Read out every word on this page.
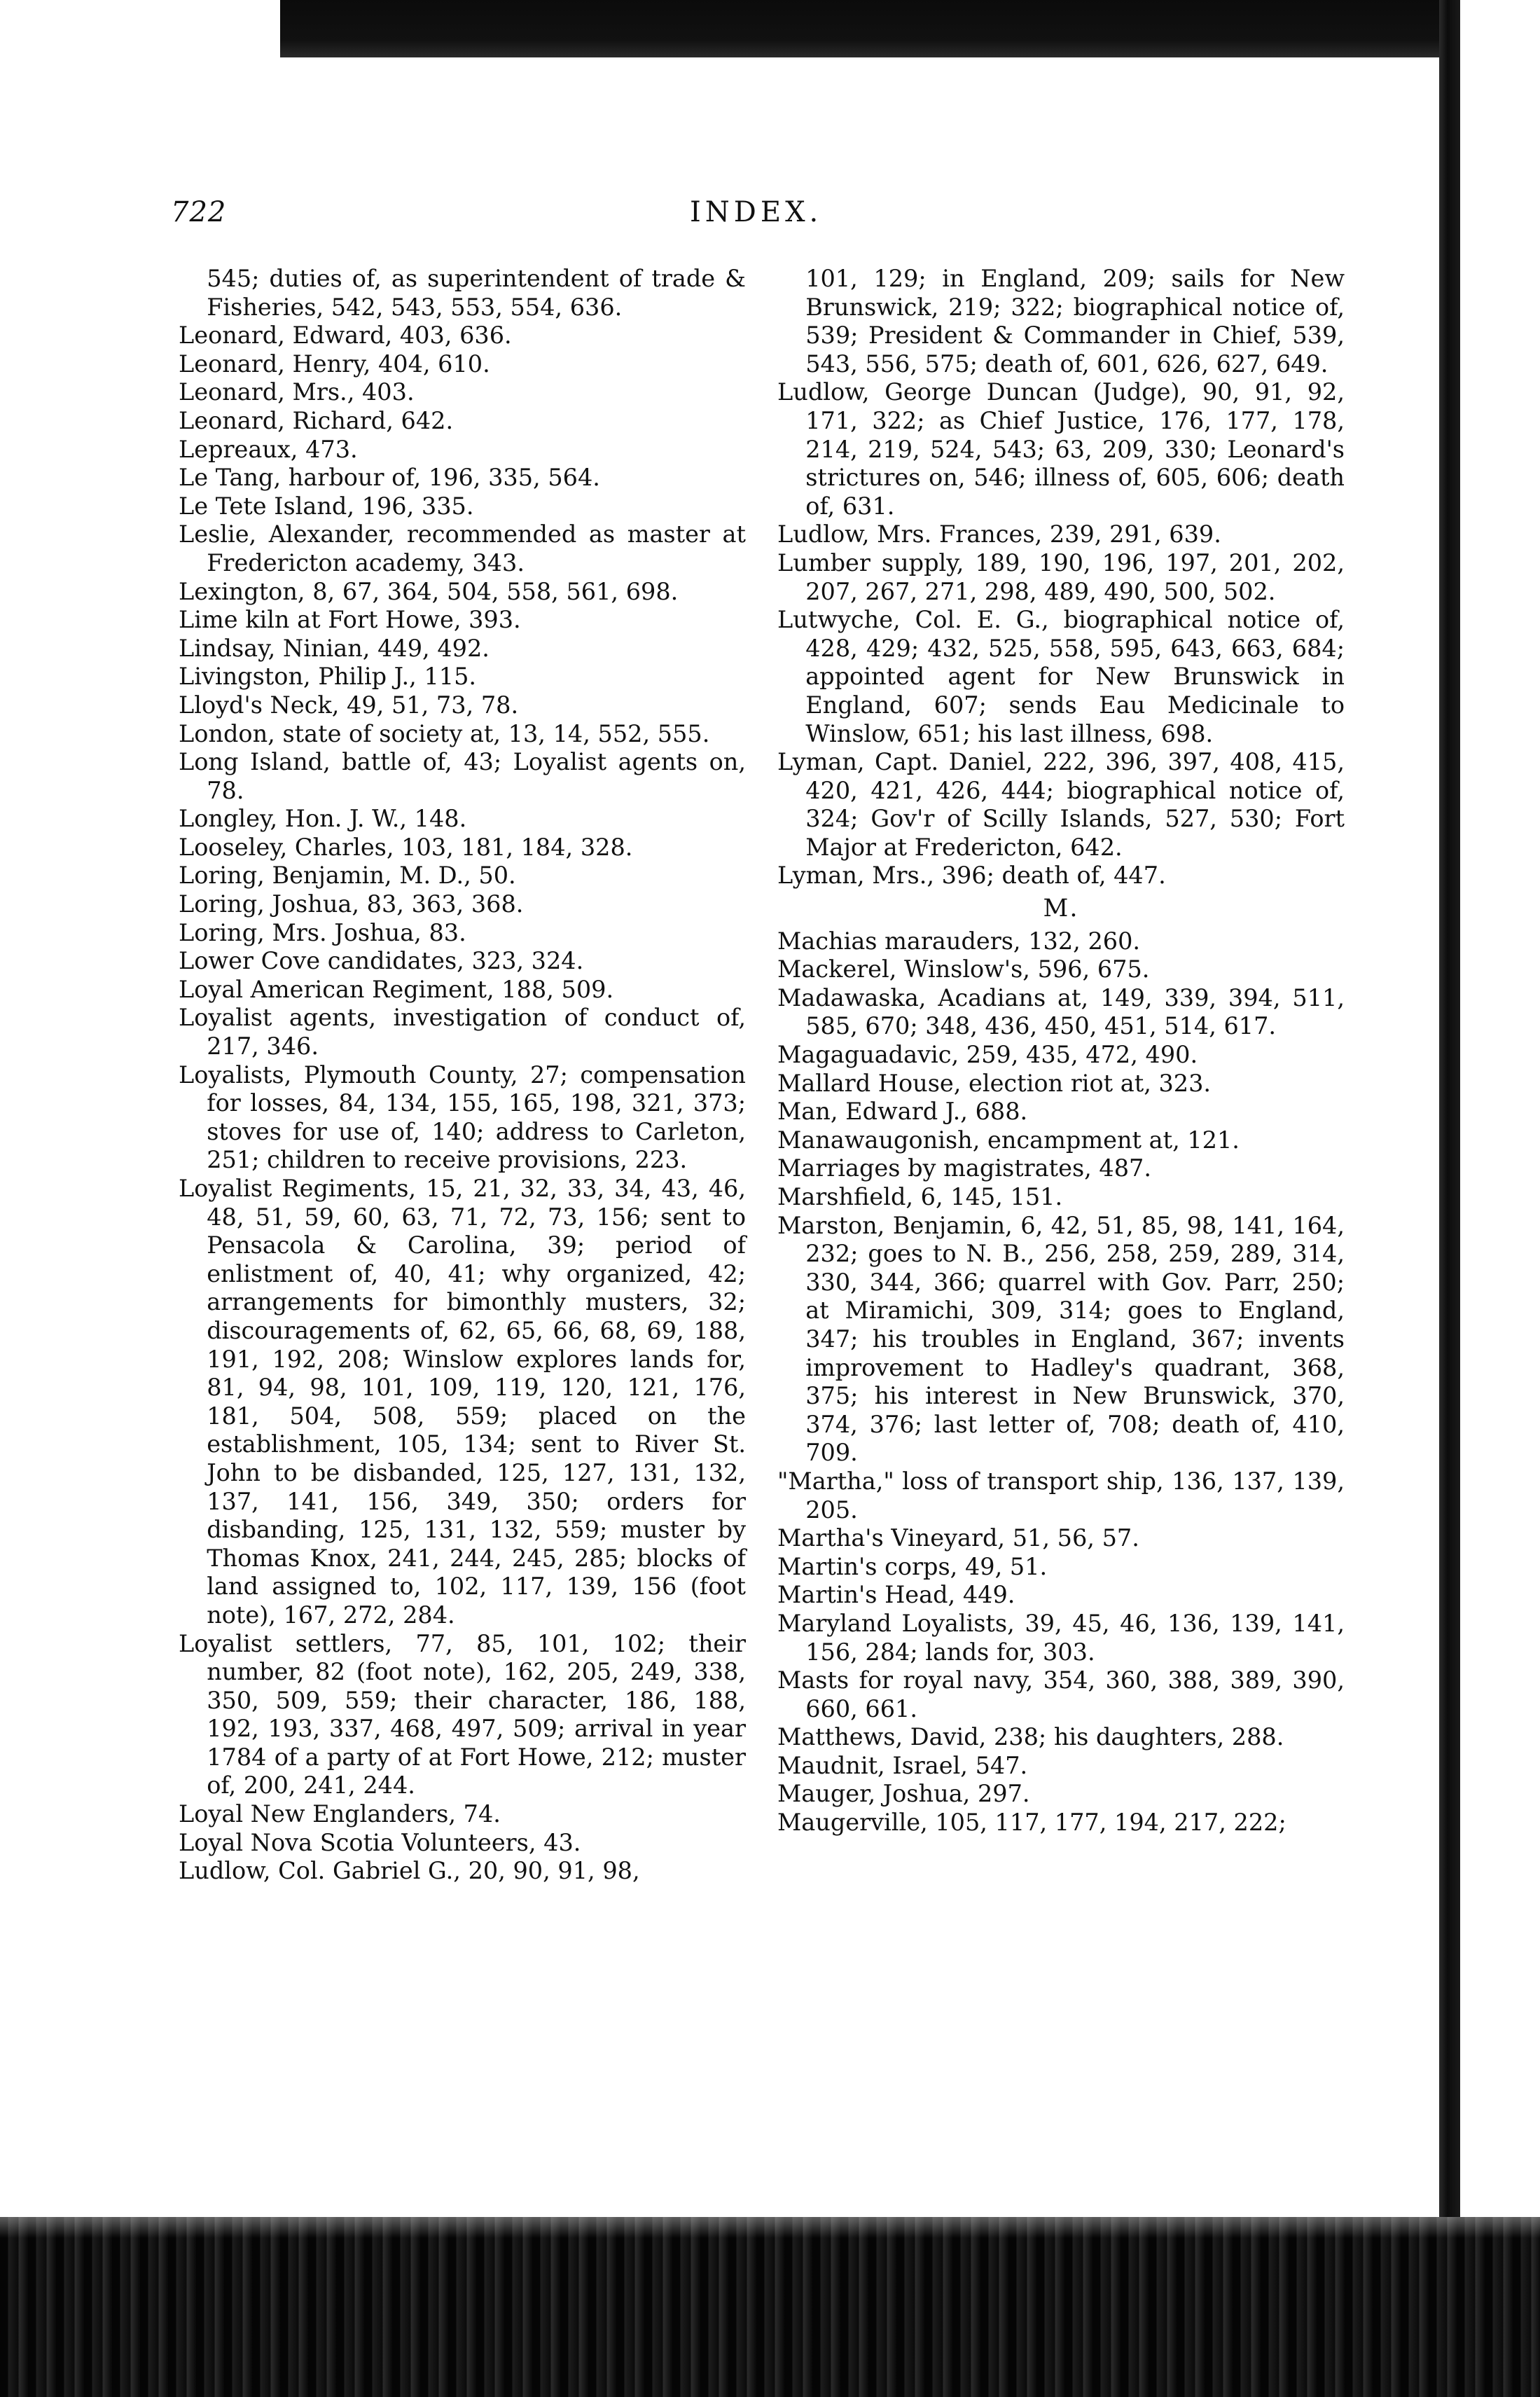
722	INDEX.

545; duties of, as superintendent of trade & Fisheries, 542, 543, 553, 554, 636.

Leonard, Edward, 403, 636.

Leonard, Henry, 404, 610.

Leonard, Mrs., 403.

Leonard, Richard, 642.

Lepreaux, 473.

Le Tang, harbour of, 196, 335, 564.

Le Tete Island, 196, 335.

Leslie, Alexander, recommended as master at Fredericton academy, 343.

Lexington, 8, 67, 364, 504, 558, 561, 698.

Lime kiln at Fort Howe, 393.

Lindsay, Ninian, 449, 492.

Livingston, Philip J., 115.

Lloyd's Neck, 49, 51, 73, 78.

London, state of society at, 13, 14, 552, 555.

Long Island, battle of, 43; Loyalist agents on, 78.

Longley, Hon. J. W., 148.

Looseley, Charles, 103, 181, 184, 328.

Loring, Benjamin, M. D., 50.

Loring, Joshua, 83, 363, 368.

Loring, Mrs. Joshua, 83.

Lower Cove candidates, 323, 324.

Loyal American Regiment, 188, 509.

Loyalist agents, investigation of conduct of, 217, 346.

Loyalists, Plymouth County, 27; compensation for losses, 84, 134, 155, 165, 198, 321, 373; stoves for use of, 140; address to Carleton, 251; children to receive provisions, 223.

Loyalist Regiments, 15, 21, 32, 33, 34, 43, 46, 48, 51, 59, 60, 63, 71, 72, 73, 156; sent to Pensacola & Carolina, 39; period of enlistment of, 40, 41; why organized, 42; arrangements for bimonthly musters, 32; discouragements of, 62, 65, 66, 68, 69, 188, 191, 192, 208; Winslow explores lands for, 81, 94, 98, 101, 109, 119, 120, 121, 176, 181, 504, 508, 559; placed on the establishment, 105, 134; sent to River St. John to be disbanded, 125, 127, 131, 132, 137, 141, 156, 349, 350; orders for disbanding, 125, 131, 132, 559; muster by Thomas Knox, 241, 244, 245, 285; blocks of land assigned to, 102, 117, 139, 156 (foot note), 167, 272, 284.

Loyalist settlers, 77, 85, 101, 102; their number, 82 (foot note), 162, 205, 249, 338, 350, 509, 559; their character, 186, 188, 192, 193, 337, 468, 497, 509; arrival in year 1784 of a party of at Fort Howe, 212; muster of, 200, 241, 244.

Loyal New Englanders, 74.

Loyal Nova Scotia Volunteers, 43.

Ludlow, Col. Gabriel G., 20, 90, 91, 98,

101, 129; in England, 209; sails for New Brunswick, 219; 322; biographical notice of, 539; President & Commander in Chief, 539, 543, 556, 575; death of, 601, 626, 627, 649.

Ludlow, George Duncan (Judge), 90, 91, 92, 171, 322; as Chief Justice, 176, 177, 178, 214, 219, 524, 543; 63, 209, 330; Leonard's strictures on, 546; illness of, 605, 606; death of, 631.

Ludlow, Mrs. Frances, 239, 291, 639.

Lumber supply, 189, 190, 196, 197, 201, 202, 207, 267, 271, 298, 489, 490, 500, 502.

Lutwyche, Col. E. G., biographical notice of, 428, 429; 432, 525, 558, 595, 643, 663, 684; appointed agent for New Brunswick in England, 607; sends Eau Medicinale to Winslow, 651; his last illness, 698.

Lyman, Capt. Daniel, 222, 396, 397, 408, 415, 420, 421, 426, 444; biographical notice of, 324; Gov'r of Scilly Islands, 527, 530; Fort Major at Fredericton, 642.

Lyman, Mrs., 396; death of, 447.

M.

Machias marauders, 132, 260.

Mackerel, Winslow's, 596, 675.

Madawaska, Acadians at, 149, 339, 394, 511, 585, 670; 348, 436, 450, 451, 514, 617.

Magaguadavic, 259, 435, 472, 490.

Mallard House, election riot at, 323.

Man, Edward J., 688.

Manawaugonish, encampment at, 121.

Marriages by magistrates, 487.

Marshfield, 6, 145, 151.

Marston, Benjamin, 6, 42, 51, 85, 98, 141, 164, 232; goes to N. B., 256, 258, 259, 289, 314, 330, 344, 366; quarrel with Gov. Parr, 250; at Miramichi, 309, 314; goes to England, 347; his troubles in England, 367; invents improvement to Hadley's quadrant, 368, 375; his interest in New Brunswick, 370, 374, 376; last letter of, 708; death of, 410, 709.

"Martha," loss of transport ship, 136, 137, 139, 205.

Martha's Vineyard, 51, 56, 57.

Martin's corps, 49, 51.

Martin's Head, 449.

Maryland Loyalists, 39, 45, 46, 136, 139, 141, 156, 284; lands for, 303.

Masts for royal navy, 354, 360, 388, 389, 390, 660, 661.

Matthews, David, 238; his daughters, 288.

Maudnit, Israel, 547.

Mauger, Joshua, 297.

Maugerville, 105, 117, 177, 194, 217, 222;
